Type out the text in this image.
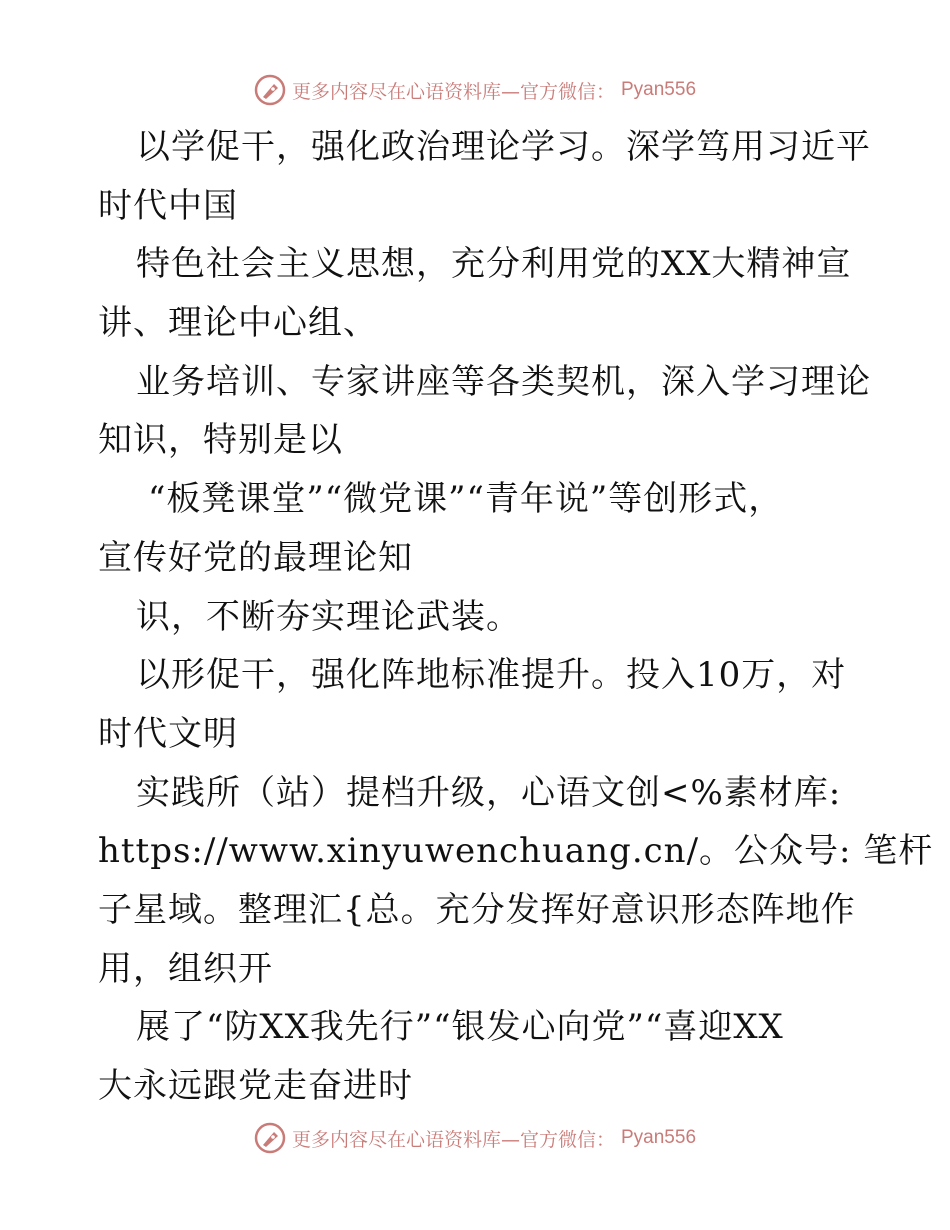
更多内容尽在心语资料库—官方微信： Pyan556
以学促干，强化政治理论学习。深学笃用习近平
时代中国
特色社会主义思想，充分利用党的XX大精神宣
讲、理论中心组、
业务培训、专家讲座等各类契机，深入学习理论
知识，特别是以
“板凳课堂”“微党课”“青年说”等创形式，
宣传好党的最理论知
识，不断夯实理论武装。
以形促干，强化阵地标准提升。投入10万，对
时代文明
实践所（站）提档升级，心语文创<%素材库:
https://www.xinyuwenchuang.cn/。公众号: 笔杆
子星域。整理汇{总。充分发挥好意识形态阵地作
用，组织开
展了“防XX我先行”“银发心向党”“喜迎XX
大永远跟党走奋进时
更多内容尽在心语资料库—官方微信： Pyan556
